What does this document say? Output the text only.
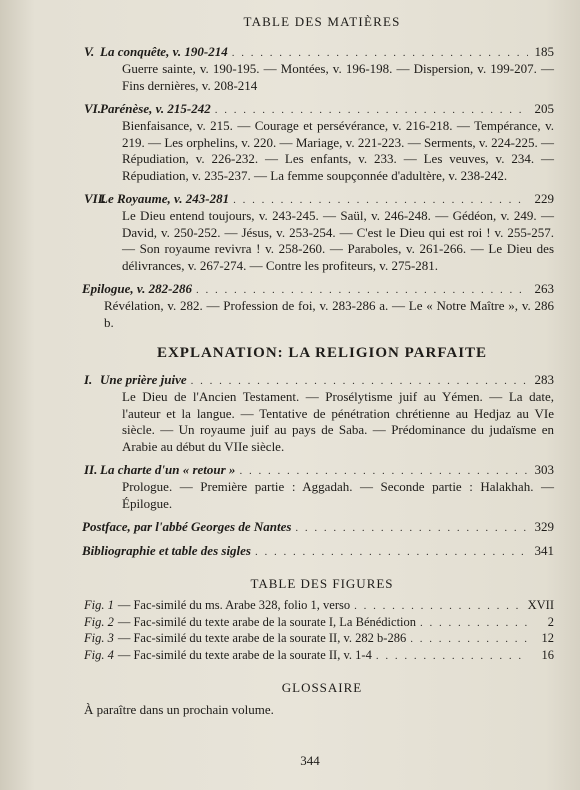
TABLE DES MATIÈRES
V. La conquête, v. 190-214 . . .	185
Guerre sainte, v. 190-195. — Montées, v. 196-198. — Dispersion, v. 199-207. — Fins dernières, v. 208-214
VI. Parénèse, v. 215-242 . . .	205
Bienfaisance, v. 215. — Courage et persévérance, v. 216-218. — Tempérance, v. 219. — Les orphelins, v. 220. — Mariage, v. 221-223. — Serments, v. 224-225. — Répudiation, v. 226-232. — Les enfants, v. 233. — Les veuves, v. 234. — Répudiation, v. 235-237. — La femme soupçonnée d'adultère, v. 238-242.
VII.
Le Royaume, v. 243-281 . . .	229
Le Dieu entend toujours, v. 243-245. — Saül, v. 246-248. — Gédéon, v. 249. — David, v. 250-252. — Jésus, v. 253-254. — C'est le Dieu qui est roi ! v. 255-257. — Son royaume revivra ! v. 258-260. — Paraboles, v. 261-266. — Le Dieu des délivrances, v. 267-274. — Contre les profiteurs, v. 275-281.
Epilogue, v. 282-286 . . .	263
Révélation, v. 282. — Profession de foi, v. 283-286 a. — Le « Notre Maître », v. 286 b.
EXPLANATION: LA RELIGION PARFAITE
I. Une prière juive . . .	283
Le Dieu de l'Ancien Testament. — Prosélytisme juif au Yémen. — La date, l'auteur et la langue. — Tentative de pénétration chrétienne au Hedjaz au VIe siècle. — Un royaume juif au pays de Saba. — Prédominance du judaïsme en Arabie au début du VIIe siècle.
II. La charte d'un « retour » . . .	303
Prologue. — Première partie : Aggadah. — Seconde partie : Halakhah. — Épilogue.
Postface, par l'abbé Georges de Nantes . . .	329
Bibliographie et table des sigles . . .	341
TABLE DES FIGURES
Fig. 1 — Fac-similé du ms. Arabe 328, folio 1, verso . . .	XVII
Fig. 2 — Fac-similé du texte arabe de la sourate I, La Bénédiction . . .	2
Fig. 3 — Fac-similé du texte arabe de la sourate II, v. 282 b-286 . . .	12
Fig. 4 — Fac-similé du texte arabe de la sourate II, v. 1-4 . . .	16
GLOSSAIRE
À paraître dans un prochain volume.
344
